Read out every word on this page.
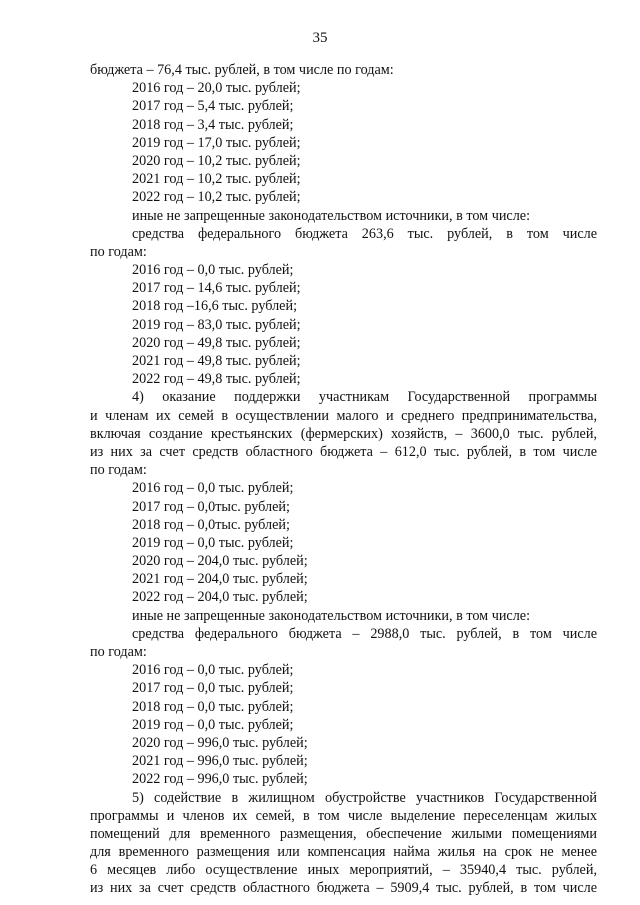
35
бюджета – 76,4 тыс. рублей, в том числе по годам:
2016 год – 20,0 тыс. рублей;
2017 год – 5,4 тыс. рублей;
2018 год – 3,4 тыс. рублей;
2019 год – 17,0 тыс. рублей;
2020 год – 10,2 тыс. рублей;
2021 год – 10,2 тыс. рублей;
2022 год – 10,2 тыс. рублей;
иные не запрещенные законодательством источники, в том числе:
средства федерального бюджета 263,6 тыс. рублей, в том числе
по годам:
2016 год – 0,0 тыс. рублей;
2017 год – 14,6 тыс. рублей;
2018 год –16,6 тыс. рублей;
2019 год – 83,0 тыс. рублей;
2020 год – 49,8 тыс. рублей;
2021 год – 49,8 тыс. рублей;
2022 год – 49,8 тыс. рублей;
4) оказание поддержки участникам Государственной программы
и членам их семей в осуществлении малого и среднего предпринимательства,
включая создание крестьянских (фермерских) хозяйств, – 3600,0 тыс. рублей,
из них за счет средств областного бюджета – 612,0 тыс. рублей, в том числе
по годам:
2016 год – 0,0 тыс. рублей;
2017 год – 0,0тыс. рублей;
2018 год – 0,0тыс. рублей;
2019 год – 0,0 тыс. рублей;
2020 год – 204,0 тыс. рублей;
2021 год – 204,0 тыс. рублей;
2022 год – 204,0 тыс. рублей;
иные не запрещенные законодательством источники, в том числе:
средства федерального бюджета – 2988,0 тыс. рублей, в том числе
по годам:
2016 год – 0,0 тыс. рублей;
2017 год – 0,0 тыс. рублей;
2018 год – 0,0 тыс. рублей;
2019 год – 0,0 тыс. рублей;
2020 год – 996,0 тыс. рублей;
2021 год – 996,0 тыс. рублей;
2022 год – 996,0 тыс. рублей;
5) содействие в жилищном обустройстве участников Государственной
программы и членов их семей, в том числе выделение переселенцам жилых
помещений для временного размещения, обеспечение жилыми помещениями
для временного размещения или компенсация найма жилья на срок не менее
6 месяцев либо осуществление иных мероприятий, – 35940,4 тыс. рублей,
из них за счет средств областного бюджета – 5909,4 тыс. рублей, в том числе
